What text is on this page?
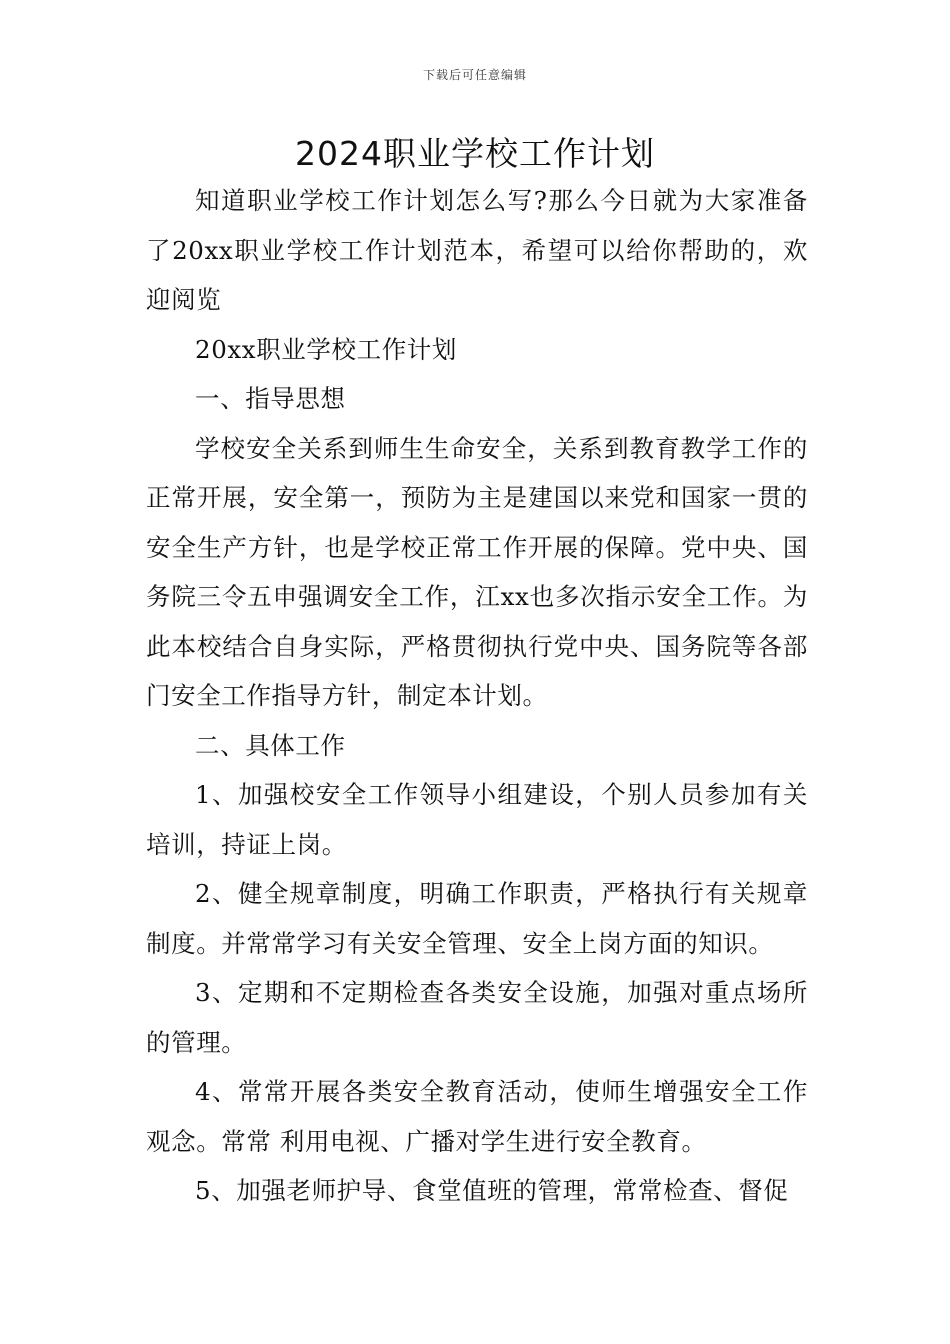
下载后可任意编辑
2024职业学校工作计划

知道职业学校工作计划怎么写?那么今日就为大家准备了20xx职业学校工作计划范本，希望可以给你帮助的，欢迎阅览

20xx职业学校工作计划

一、指导思想

学校安全关系到师生生命安全，关系到教育教学工作的正常开展，安全第一，预防为主是建国以来党和国家一贯的安全生产方针，也是学校正常工作开展的保障。党中央、国务院三令五申强调安全工作，江xx也多次指示安全工作。为此本校结合自身实际，严格贯彻执行党中央、国务院等各部门安全工作指导方针，制定本计划。

二、具体工作

1、加强校安全工作领导小组建设，个别人员参加有关培训，持证上岗。

2、健全规章制度，明确工作职责，严格执行有关规章制度。并常常学习有关安全管理、安全上岗方面的知识。

3、定期和不定期检查各类安全设施，加强对重点场所的管理。

4、常常开展各类安全教育活动，使师生增强安全工作观念。常常 利用电视、广播对学生进行安全教育。

5、加强老师护导、食堂值班的管理，常常检查、督促
